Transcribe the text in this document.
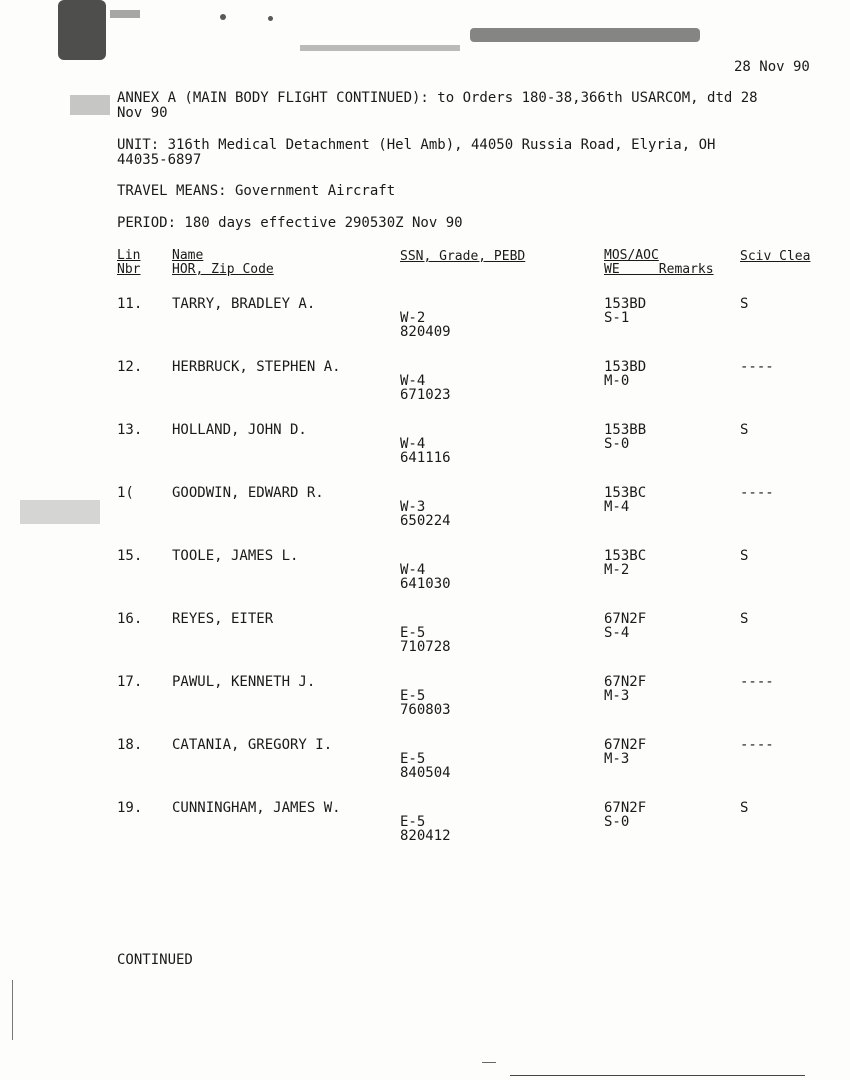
28 Nov 90
ANNEX A (MAIN BODY FLIGHT CONTINUED): to Orders 180-38,366th USARCOM, dtd 28
Nov 90
UNIT: 316th Medical Detachment (Hel Amb), 44050 Russia Road, Elyria, OH
44035-6897
TRAVEL MEANS: Government Aircraft
PERIOD: 180 days effective 290530Z Nov 90
Lin
Nbr
Name
HOR, Zip Code
SSN, Grade, PEBD	MOS/AOC
WE     Remarks
Sciv Clea
11. TARRY, BRADLEY A.
W-2
820409
153BD
S-1
S
12. HERBRUCK, STEPHEN A.
W-4
671023
153BD
M-0
----
13. HOLLAND, JOHN D.
W-4
641116
153BB
S-0
S
1(	GOODWIN, EDWARD R.
W-3
650224
153BC
M-4
----
15. TOOLE, JAMES L.
W-4
641030
153BC
M-2
S
16. REYES, EITER
E-5
710728
67N2F
S-4
S
17. PAWUL, KENNETH J.
E-5
760803
67N2F
M-3
----
18. CATANIA, GREGORY I.
E-5
840504
67N2F
M-3
----
19. CUNNINGHAM, JAMES W.
E-5
820412
67N2F
S-0
S
CONTINUED
